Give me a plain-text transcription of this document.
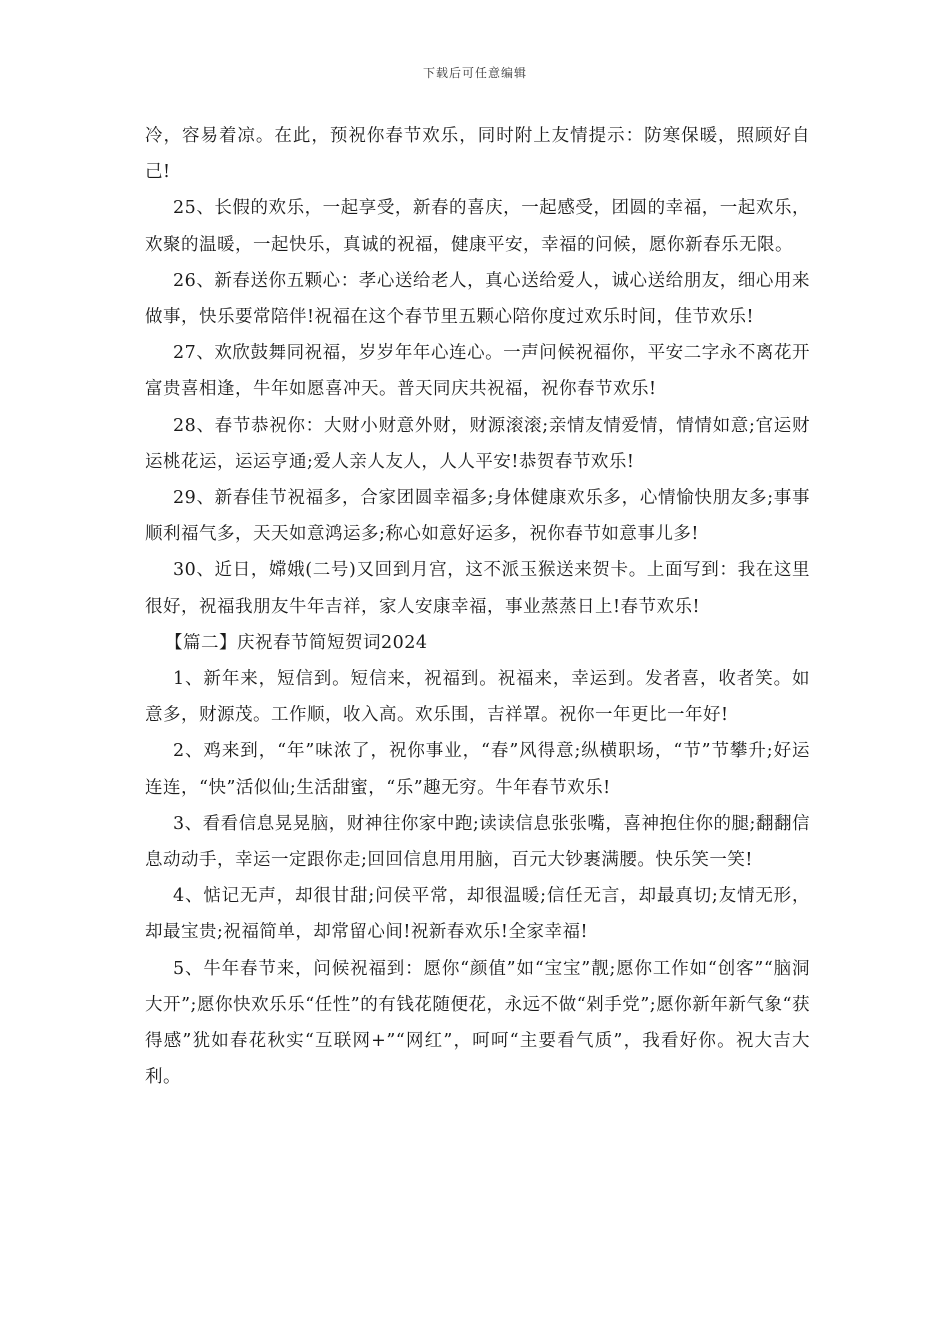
下载后可任意编辑

冷，容易着凉。在此，预祝你春节欢乐，同时附上友情提示：防寒保暖，照顾好自己!

25、长假的欢乐，一起享受，新春的喜庆，一起感受，团圆的幸福，一起欢乐，欢聚的温暖，一起快乐，真诚的祝福，健康平安，幸福的问候，愿你新春乐无限。

26、新春送你五颗心：孝心送给老人，真心送给爱人，诚心送给朋友，细心用来做事，快乐要常陪伴!祝福在这个春节里五颗心陪你度过欢乐时间，佳节欢乐!

27、欢欣鼓舞同祝福，岁岁年年心连心。一声问候祝福你，平安二字永不离花开富贵喜相逢，牛年如愿喜冲天。普天同庆共祝福，祝你春节欢乐!

28、春节恭祝你：大财小财意外财，财源滚滚;亲情友情爱情，情情如意;官运财运桃花运，运运亨通;爱人亲人友人，人人平安!恭贺春节欢乐!

29、新春佳节祝福多，合家团圆幸福多;身体健康欢乐多，心情愉快朋友多;事事顺利福气多，天天如意鸿运多;称心如意好运多，祝你春节如意事儿多!

30、近日，嫦娥(二号)又回到月宫，这不派玉猴送来贺卡。上面写到：我在这里很好，祝福我朋友牛年吉祥，家人安康幸福，事业蒸蒸日上!春节欢乐!

【篇二】庆祝春节简短贺词2024

1、新年来，短信到。短信来，祝福到。祝福来，幸运到。发者喜，收者笑。如意多，财源茂。工作顺，收入高。欢乐围，吉祥罩。祝你一年更比一年好!

2、鸡来到，“年”味浓了，祝你事业，“春”风得意;纵横职场，“节”节攀升;好运连连，“快”活似仙;生活甜蜜，“乐”趣无穷。牛年春节欢乐!

3、看看信息晃晃脑，财神往你家中跑;读读信息张张嘴，喜神抱住你的腿;翻翻信息动动手，幸运一定跟你走;回回信息用用脑，百元大钞裹满腰。快乐笑一笑!

4、惦记无声，却很甘甜;问侯平常，却很温暖;信任无言，却最真切;友情无形，却最宝贵;祝福简单，却常留心间!祝新春欢乐!全家幸福!

5、牛年春节来，问候祝福到：愿你“颜值”如“宝宝”靓;愿你工作如“创客”“脑洞大开”;愿你快欢乐乐“任性”的有钱花随便花，永远不做“剁手党”;愿你新年新气象“获得感”犹如春花秋实“互联网+”“网红”，呵呵“主要看气质”，我看好你。祝大吉大利。
